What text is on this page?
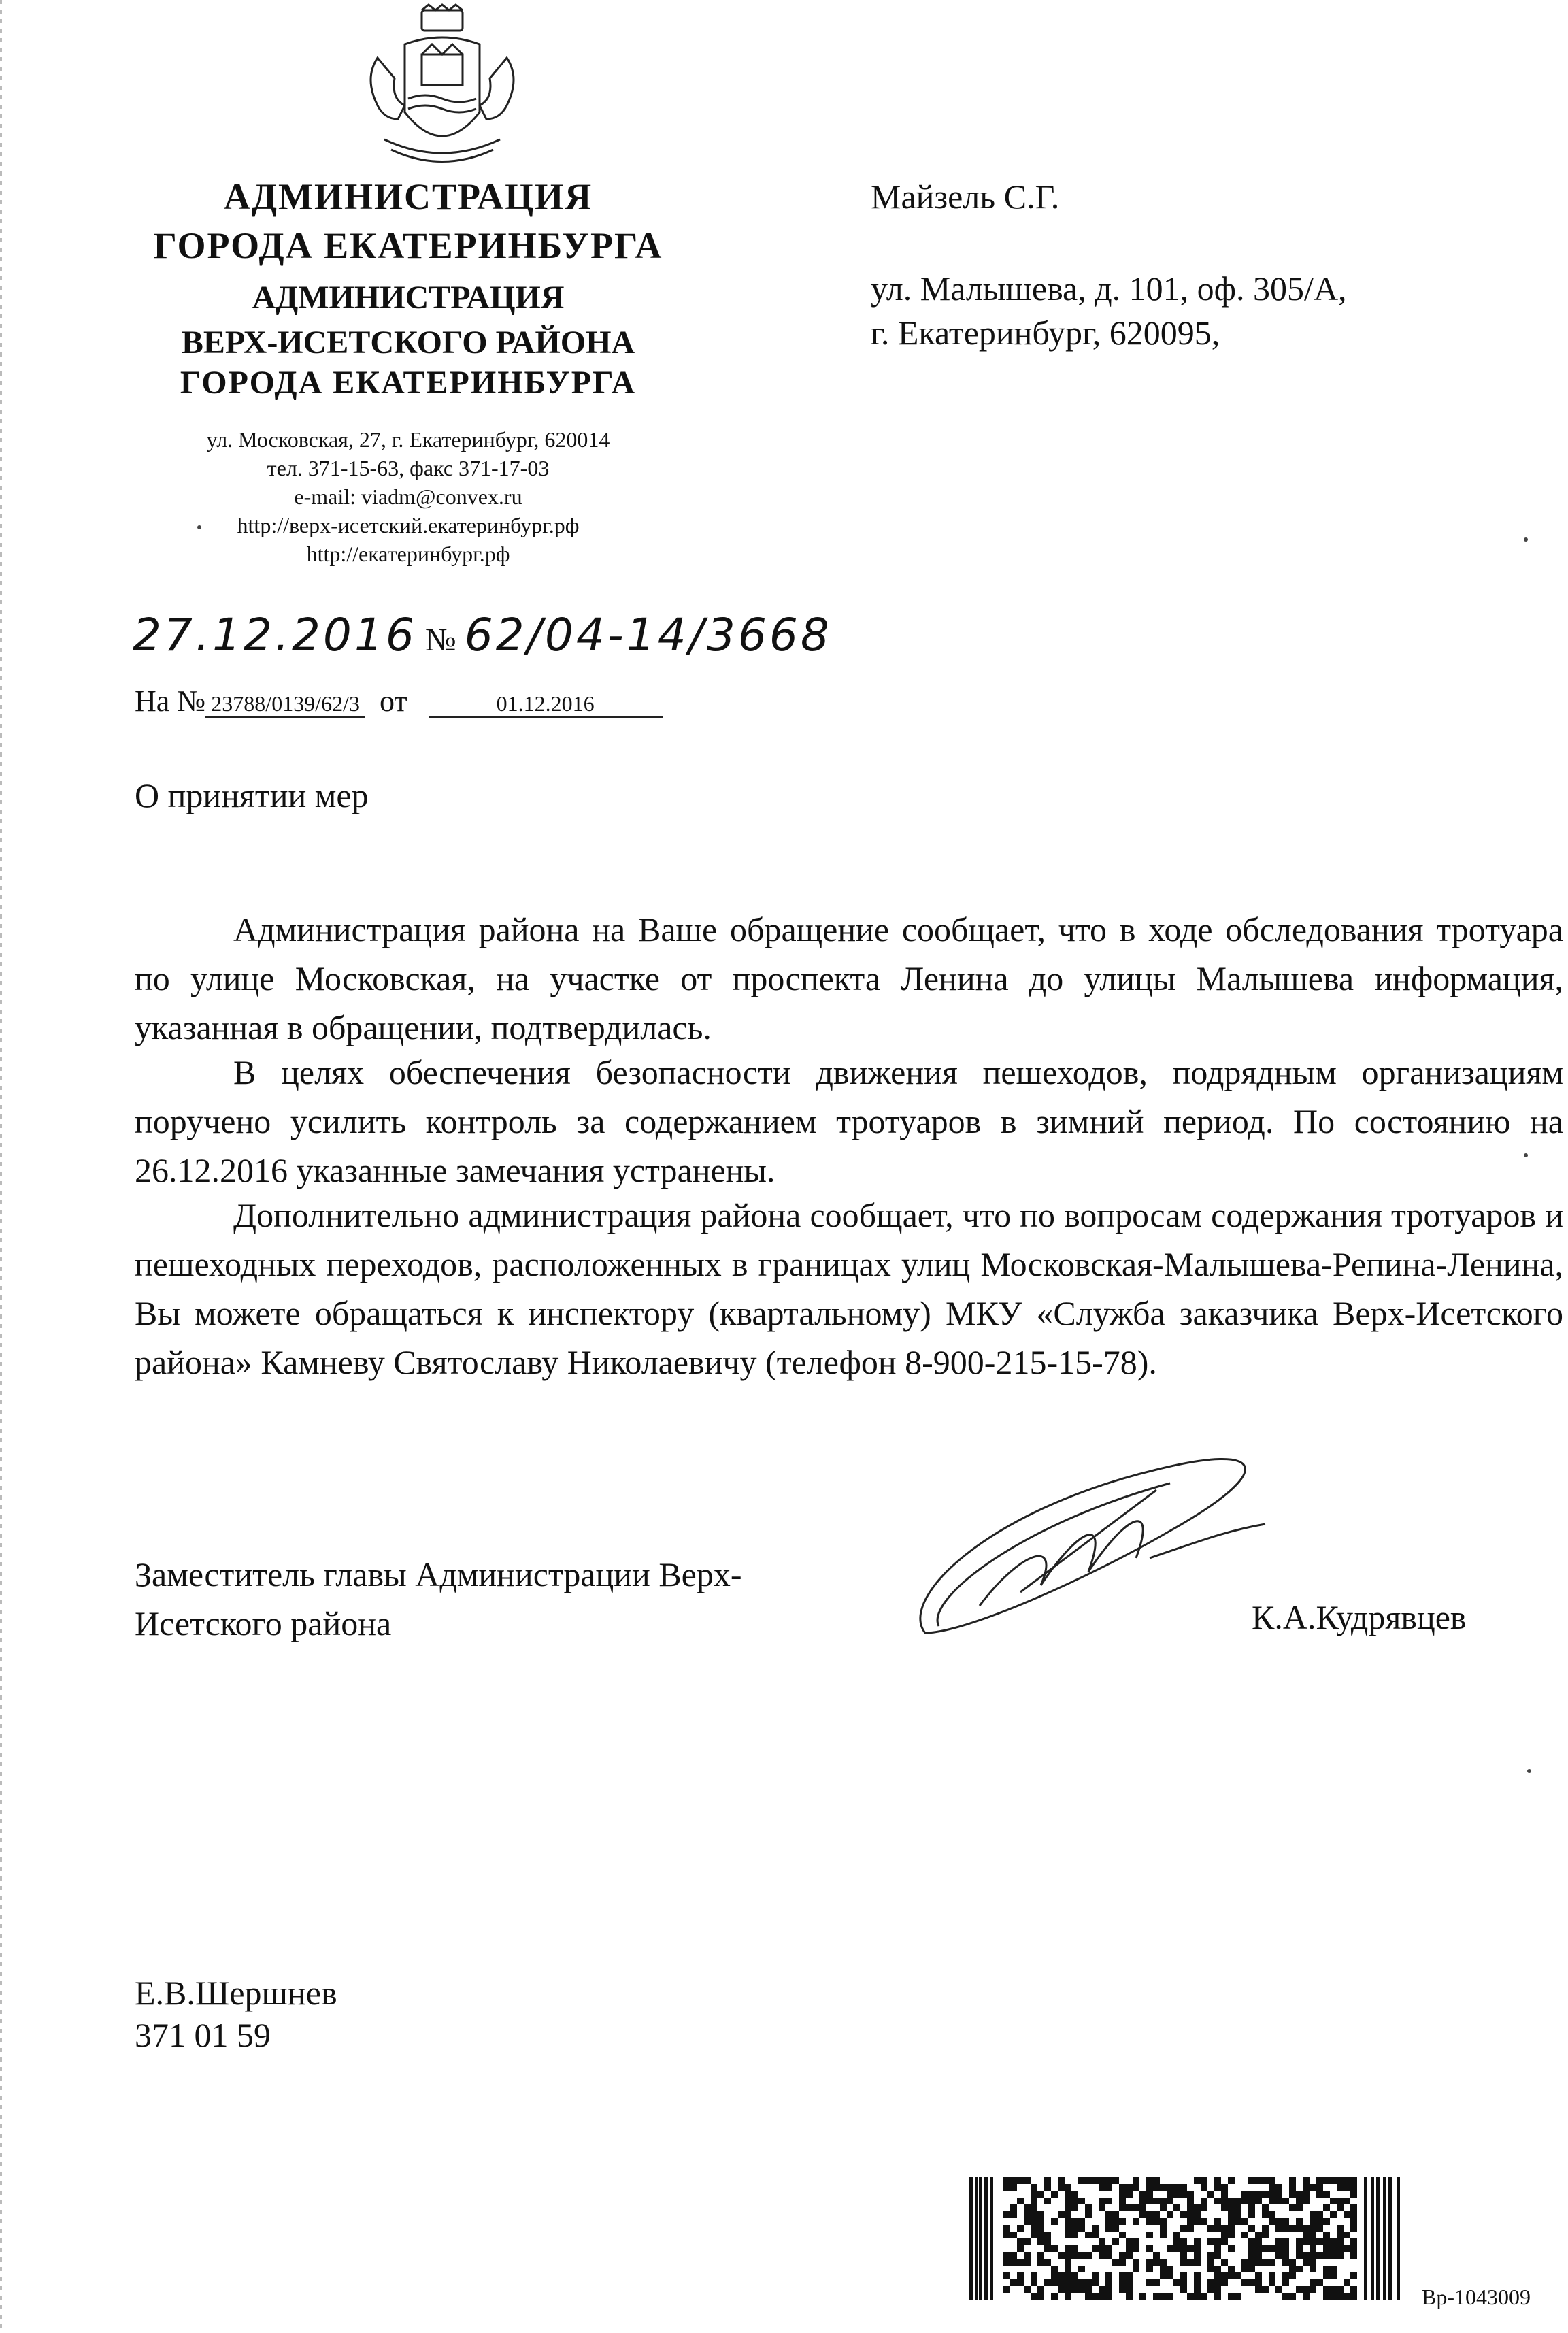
АДМИНИСТРАЦИЯ
ГОРОДА ЕКАТЕРИНБУРГА
АДМИНИСТРАЦИЯ
ВЕРХ-ИСЕТСКОГО РАЙОНА
ГОРОДА ЕКАТЕРИНБУРГА
ул. Московская, 27, г. Екатеринбург, 620014
тел. 371-15-63, факс 371-17-03
e-mail: viadm@convex.ru
http://верх-исетский.екатеринбург.рф
http://екатеринбург.рф
27.12.2016 № 62/04-14/3668
На № 23788/0139/62/3 от	01.12.2016
Майзель С.Г.
ул. Малышева, д. 101, оф. 305/А,
г. Екатеринбург, 620095,
О принятии мер

Администрация района на Ваше обращение сообщает, что в ходе обследования тротуара по улице Московская, на участке от проспекта Ленина до улицы Малышева информация, указанная в обращении, подтвердилась.

В целях обеспечения безопасности движения пешеходов, подрядным организациям поручено усилить контроль за содержанием тротуаров в зимний период. По состоянию на 26.12.2016 указанные замечания устранены.

Дополнительно администрация района сообщает, что по вопросам содержания тротуаров и пешеходных переходов, расположенных в границах улиц Московская-Малышева-Репина-Ленина, Вы можете обращаться к инспектору (квартальному) МКУ «Служба заказчика Верх-Исетского района» Камневу Святославу Николаевичу (телефон 8-900-215-15-78).

Заместитель главы Администрации Верх-
Исетского района	К.А.Кудрявцев
Е.В.Шершнев
371 01 59
Вр-1043009
